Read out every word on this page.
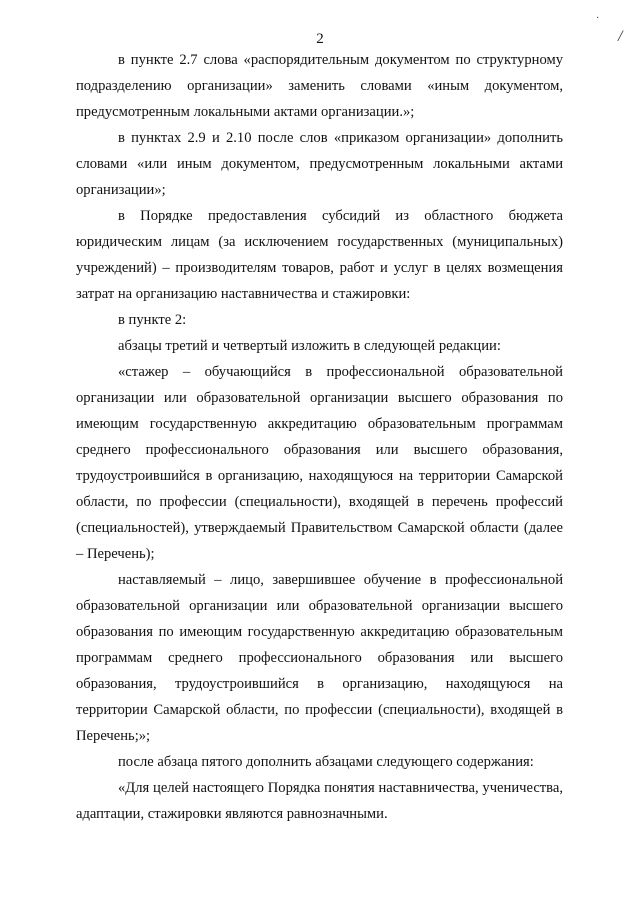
·
/
2

в пункте 2.7 слова «распорядительным документом по структурному подразделению организации» заменить словами «иным документом, предусмотренным локальными актами организации.»;

в пунктах 2.9 и 2.10 после слов «приказом организации» дополнить словами «или иным документом, предусмотренным локальными актами организации»;

в Порядке предоставления субсидий из областного бюджета юридическим лицам (за исключением государственных (муниципальных) учреждений) – производителям товаров, работ и услуг в целях возмещения затрат на организацию наставничества и стажировки:

в пункте 2:

абзацы третий и четвертый изложить в следующей редакции:

«стажер – обучающийся в профессиональной образовательной организации или образовательной организации высшего образования по имеющим государственную аккредитацию образовательным программам среднего профессионального образования или высшего образования, трудоустроившийся в организацию, находящуюся на территории Самарской области, по профессии (специальности), входящей в перечень профессий (специальностей), утверждаемый Правительством Самарской области (далее – Перечень);

наставляемый – лицо, завершившее обучение в профессиональной образовательной организации или образовательной организации высшего образования по имеющим государственную аккредитацию образовательным программам среднего профессионального образования или высшего образования, трудоустроившийся в организацию, находящуюся на территории Самарской области, по профессии (специальности), входящей в Перечень;»;

после абзаца пятого дополнить абзацами следующего содержания:

«Для целей настоящего Порядка понятия наставничества, ученичества, адаптации, стажировки являются равнозначными.
